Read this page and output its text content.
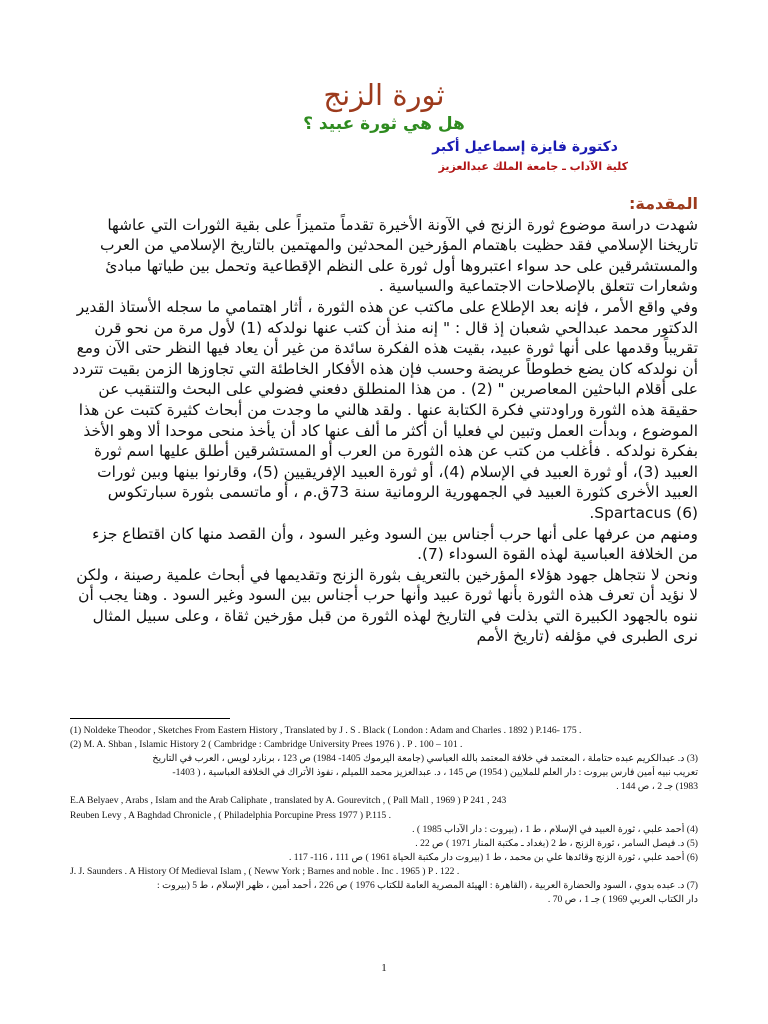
ثورة الزنج
هل هي ثورة عبيد ؟
دكتورة فايزة إسماعيل أكبر
كلية الآداب ـ جامعة الملك عبدالعزيز

المقدمة:

شهدت دراسة موضوع ثورة الزنج في الآونة الأخيرة تقدماً متميزاً على بقية الثورات التي عاشها تاريخنا الإسلامي فقد حظيت باهتمام المؤرخين المحدثين والمهتمين بالتاريخ الإسلامي من العرب والمستشرقين على حد سواء اعتبروها أول ثورة على النظم الإقطاعية وتحمل بين طياتها مبادئ وشعارات تتعلق بالإصلاحات الاجتماعية والسياسية .

وفي واقع الأمر ، فإنه بعد الإطلاع على ماكتب عن هذه الثورة ، أثار اهتمامي ما سجله الأستاذ القدير الدكتور محمد عبدالحي شعبان إذ قال : " إنه منذ أن كتب عنها نولدكه (1) لأول مرة من نحو قرن تقريباً وقدمها على أنها ثورة عبيد، بقيت هذه الفكرة سائدة من غير أن يعاد فيها النظر حتى الآن ومع أن نولدكه كان يضع خطوطاً عريضة وحسب فإن هذه الأفكار الخاطئة التي تجاوزها الزمن بقيت تتردد على أقلام الباحثين المعاصرين " (2) . من هذا المنطلق دفعني فضولي على البحث والتنقيب عن حقيقة هذه الثورة وراودتني فكرة الكتابة عنها . ولقد هالني ما وجدت من أبحاث كثيرة كتبت عن هذا الموضوع ، وبدأت العمل وتبين لي فعليا أن أكثر ما ألف عنها كاد أن يأخذ منحى موحدا ألا وهو الأخذ بفكرة نولدكه . فأغلب من كتب عن هذه الثورة من العرب أو المستشرقين أطلق عليها اسم ثورة العبيد (3)، أو ثورة العبيد في الإسلام (4)، أو ثورة العبيد الإفريقيين (5)، وقارنوا بينها وبين ثورات العبيد الأخرى كثورة العبيد في الجمهورية الرومانية سنة 73ق.م ، أو ماتسمى بثورة سبارتكوس Spartacus (6).

ومنهم من عرفها على أنها حرب أجناس بين السود وغير السود ، وأن القصد منها كان اقتطاع جزء من الخلافة العباسية لهذه القوة السوداء (7).

ونحن لا نتجاهل جهود هؤلاء المؤرخين بالتعريف بثورة الزنج وتقديمها في أبحاث علمية رصينة ، ولكن لا نؤيد أن تعرف هذه الثورة بأنها ثورة عبيد وأنها حرب أجناس بين السود وغير السود . وهنا يجب أن ننوه بالجهود الكبيرة التي بذلت في التاريخ لهذه الثورة من قبل مؤرخين ثقاة ، وعلى سبيل المثال نرى الطبرى في مؤلفه (تاريخ الأمم

(1) Noldeke Theodor , Sketches From Eastern History , Translated by J . S . Black ( London : Adam and Charles . 1892 ) P.146- 175 .

(2) M. A. Shban , Islamic History 2 ( Cambridge : Cambridge University Prees 1976 ) . P . 100 – 101 .

(3) د. عبدالكريم عبده حتاملة ، المعتمد في خلافة المعتمد بالله العباسي (جامعة اليرموك 1405- 1984) ص 123 ، برنارد لويس ، العرب في التاريخ

تعريب نبيه أمين فارس بيروت : دار العلم للملايين ( 1954) ص 145 ، د. عبدالعزيز محمد اللميلم ، نفوذ الأتراك في الخلافة العباسية ، ( 1403-

1983) جـ 2 ، ص 144 .

E.A Belyaev , Arabs , Islam and the Arab Caliphate , translated by A. Gourevitch , ( Pall Mall , 1969 ) P 241 , 243

Reuben Levy , A Baghdad Chronicle , ( Philadelphia Porcupine Press 1977 ) P.115 .

(4) أحمد علبي ، ثورة العبيد في الإسلام ، ط 1 ، (بيروت : دار الآداب 1985 ) .

(5) د. فيصل السامر ، ثورة الزنج ، ط 2 (بغداد ـ مكتبة المنار 1971 ) ص 22 .

(6) أحمد علبي ، ثورة الزنج وقائدها علي بن محمد ، ط 1 (بيروت دار مكتبة الحياة 1961 ) ص 111 ، 116- 117 .

J. J. Saunders . A History Of Medieval Islam , ( Neww York ; Barnes and noble . Inc . 1965 ) P . 122 .

(7) د. عبده بدوي ، السود والحضارة العربية ، (القاهرة : الهيئة المصرية العامة للكتاب 1976 ) ص 226 ، أحمد أمين ، ظهر الإسلام ، ط 5 (بيروت :

دار الكتاب العربي 1969 ) جـ 1 ، ص 70 .

1
